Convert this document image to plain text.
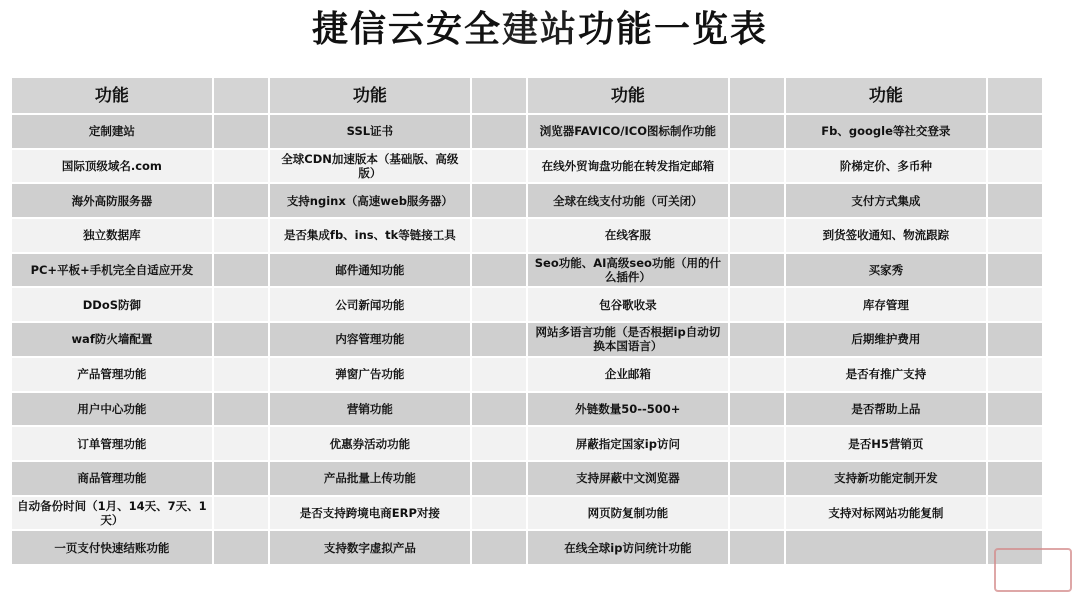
捷信云安全建站功能一览表
功能		功能		功能		功能	
定制建站		SSL证书		浏览器FAVICO/ICO图标制作功能		Fb、google等社交登录	
国际顶级域名.com		全球CDN加速版本（基础版、高级版）		在线外贸询盘功能在转发指定邮箱		阶梯定价、多币种	
海外高防服务器		支持nginx（高速web服务器）		全球在线支付功能（可关闭）		支付方式集成	
独立数据库		是否集成fb、ins、tk等链接工具		在线客服		到货签收通知、物流跟踪	
PC+平板+手机完全自适应开发		邮件通知功能		Seo功能、AI高级seo功能（用的什么插件）		买家秀	
DDoS防御		公司新闻功能		包谷歌收录		库存管理	
waf防火墙配置		内容管理功能		网站多语言功能（是否根据ip自动切换本国语言）		后期维护费用	
产品管理功能		弹窗广告功能		企业邮箱		是否有推广支持	
用户中心功能		营销功能		外链数量50--500+		是否帮助上品	
订单管理功能		优惠券活动功能		屏蔽指定国家ip访问		是否H5营销页	
商品管理功能		产品批量上传功能		支持屏蔽中文浏览器		支持新功能定制开发	
自动备份时间（1月、14天、7天、1天）		是否支持跨境电商ERP对接		网页防复制功能		支持对标网站功能复制	
一页支付快速结账功能		支持数字虚拟产品		在线全球ip访问统计功能			
